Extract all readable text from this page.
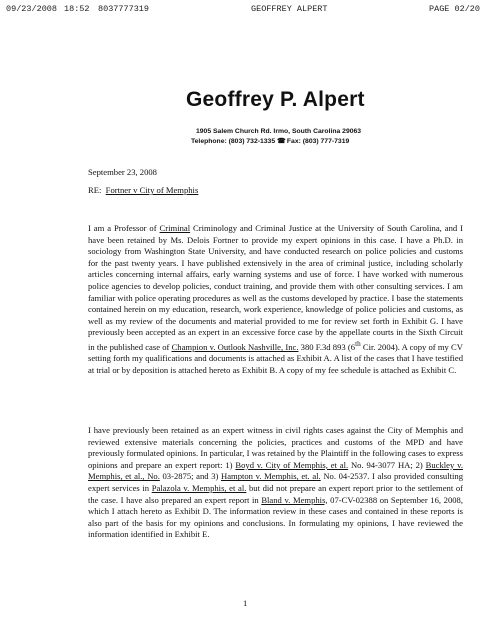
09/23/2008 18:52 8037777319	GEOFFREY ALPERT	PAGE 02/20
Geoffrey P. Alpert
1905 Salem Church Rd. Irmo, South Carolina 29063
Telephone: (803) 732-1335 ☎ Fax: (803) 777-7319
September 23, 2008
RE: Fortner v City of Memphis

I am a Professor of Criminal Criminology and Criminal Justice at the University of South Carolina, and I have been retained by Ms. Delois Fortner to provide my expert opinions in this case. I have a Ph.D. in sociology from Washington State University, and have conducted research on police policies and customs for the past twenty years. I have published extensively in the area of criminal justice, including scholarly articles concerning internal affairs, early warning systems and use of force. I have worked with numerous police agencies to develop policies, conduct training, and provide them with other consulting services. I am familiar with police operating procedures as well as the customs developed by practice. I base the statements contained herein on my education, research, work experience, knowledge of police policies and customs, as well as my review of the documents and material provided to me for review set forth in Exhibit G. I have previously been accepted as an expert in an excessive force case by the appellate courts in the Sixth Circuit in the published case of Champion v. Outlook Nashville, Inc. 380 F.3d 893 (6th Cir. 2004). A copy of my CV setting forth my qualifications and documents is attached as Exhibit A. A list of the cases that I have testified at trial or by deposition is attached hereto as Exhibit B. A copy of my fee schedule is attached as Exhibit C.

I have previously been retained as an expert witness in civil rights cases against the City of Memphis and reviewed extensive materials concerning the policies, practices and customs of the MPD and have previously formulated opinions. In particular, I was retained by the Plaintiff in the following cases to express opinions and prepare an expert report: 1) Boyd v. City of Memphis, et al. No. 94-3077 HA; 2) Buckley v. Memphis, et al., No. 03-2875; and 3) Hampton v. Memphis, et. al. No. 04-2537. I also provided consulting expert services in Palazola v. Memphis, et al. but did not prepare an expert report prior to the settlement of the case. I have also prepared an expert report in Bland v. Memphis, 07-CV-02388 on September 16, 2008, which I attach hereto as Exhibit D. The information review in these cases and contained in these reports is also part of the basis for my opinions and conclusions. In formulating my opinions, I have reviewed the information identified in Exhibit E.

1
